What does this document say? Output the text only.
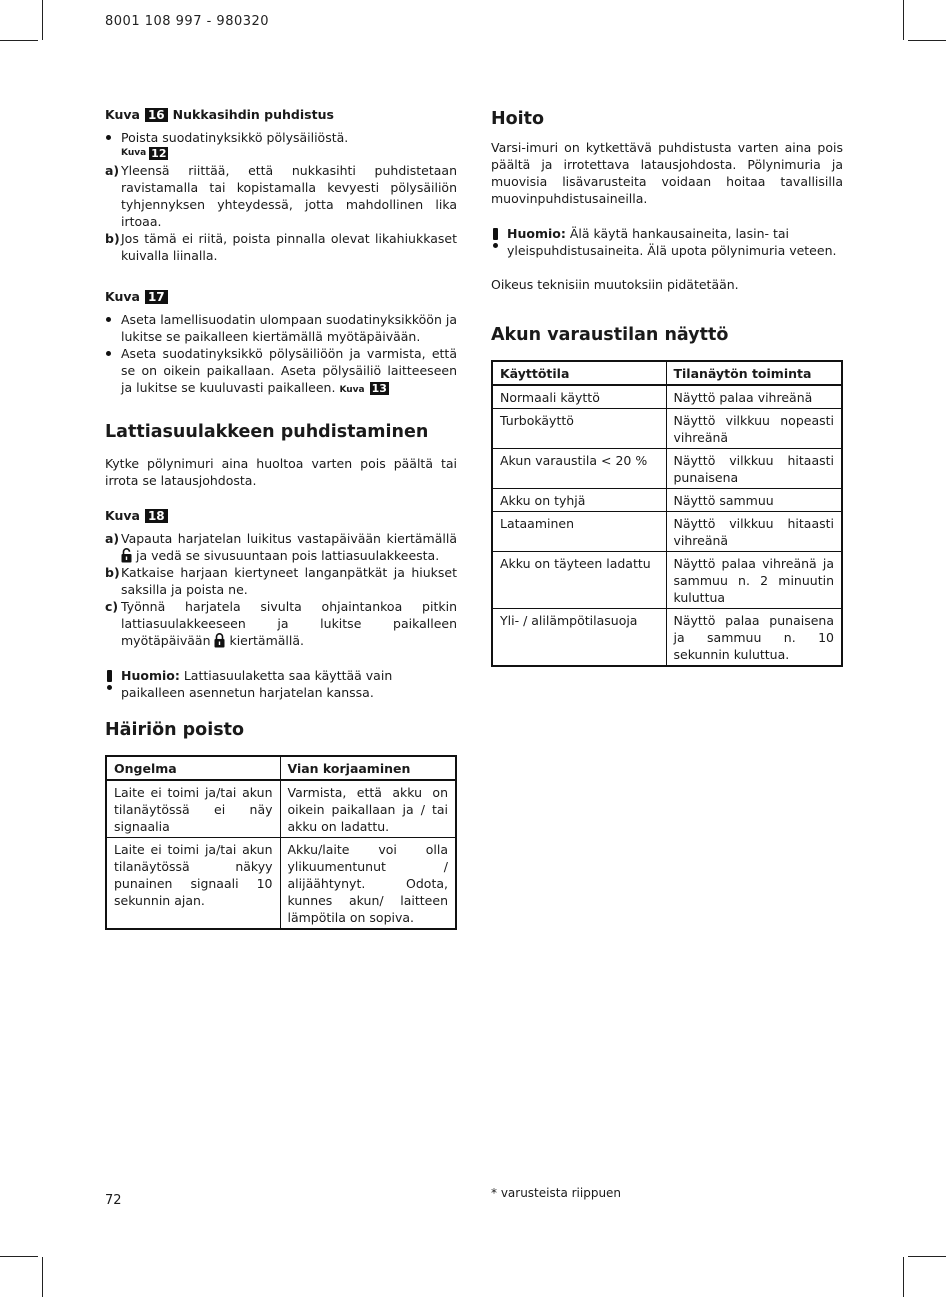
8001 108 997 - 980320
Kuva 16 Nukkasihdin puhdistus
Poista suodatinyksikkö pölysäiliöstä.
Kuva 12
a) Yleensä riittää, että nukkasihti puhdistetaan ravistamalla tai kopistamalla kevyesti pölysäiliön tyhjennyksen yhteydessä, jotta mahdollinen lika irtoaa.
b) Jos tämä ei riitä, poista pinnalla olevat likahiukkaset kuivalla liinalla.
Kuva 17
Aseta lamellisuodatin ulompaan suodatinyksikköön ja lukitse se paikalleen kiertämällä myötäpäivään.
Aseta suodatinyksikkö pölysäiliöön ja varmista, että se on oikein paikallaan. Aseta pölysäiliö laitteeseen ja lukitse se kuuluvasti paikalleen. Kuva 13
Lattiasuulakkeen puhdistaminen

Kytke pölynimuri aina huoltoa varten pois päältä tai irrota se latausjohdosta.

Kuva 18
a) Vapauta harjatelan luikitus vastapäivään kiertämällä  ja vedä se sivusuuntaan pois lattiasuulakkeesta.
b) Katkaise harjaan kiertyneet langanpätkät ja hiukset saksilla ja poista ne.
c) Työnnä harjatela sivulta ohjaintankoa pitkin lattiasuulakkeeseen ja lukitse paikalleen myötäpäivään kiertämällä.
Huomio: Lattiasuulaketta saa käyttää vain paikalleen asennetun harjatelan kanssa.
Häiriön poisto
Ongelma	Vian korjaaminen
Laite ei toimi ja/tai akun tilanäytössä ei näy signaalia	Varmista, että akku on oikein paikallaan ja / tai akku on ladattu.
Laite ei toimi ja/tai akun tilanäytössä näkyy punainen signaali 10 sekunnin ajan.	Akku/laite voi olla ylikuumentunut / alijäähtynyt. Odota, kunnes akun/ laitteen lämpötila on sopiva.
Hoito

Varsi-imuri on kytkettävä puhdistusta varten aina pois päältä ja irrotettava latausjohdosta. Pölynimuria ja muovisia lisävarusteita voidaan hoitaa tavallisilla muovinpuhdistusaineilla.

Huomio: Älä käytä hankausaineita, lasin- tai yleispuhdistusaineita. Älä upota pölynimuria veteen.

Oikeus teknisiin muutoksiin pidätetään.

Akun varaustilan näyttö
Käyttötila	Tilanäytön toiminta
Normaali käyttö	Näyttö palaa vihreänä
Turbokäyttö	Näyttö vilkkuu nopeasti vihreänä
Akun varaustila < 20 %	Näyttö vilkkuu hitaasti punaisena
Akku on tyhjä	Näyttö sammuu
Lataaminen	Näyttö vilkkuu hitaasti vihreänä
Akku on täyteen ladattu	Näyttö palaa vihreänä ja sammuu n. 2 minuutin kuluttua
Yli- / alilämpötilasuoja	Näyttö palaa punaisena ja sammuu n. 10 sekunnin kuluttua.
72	* varusteista riippuen
